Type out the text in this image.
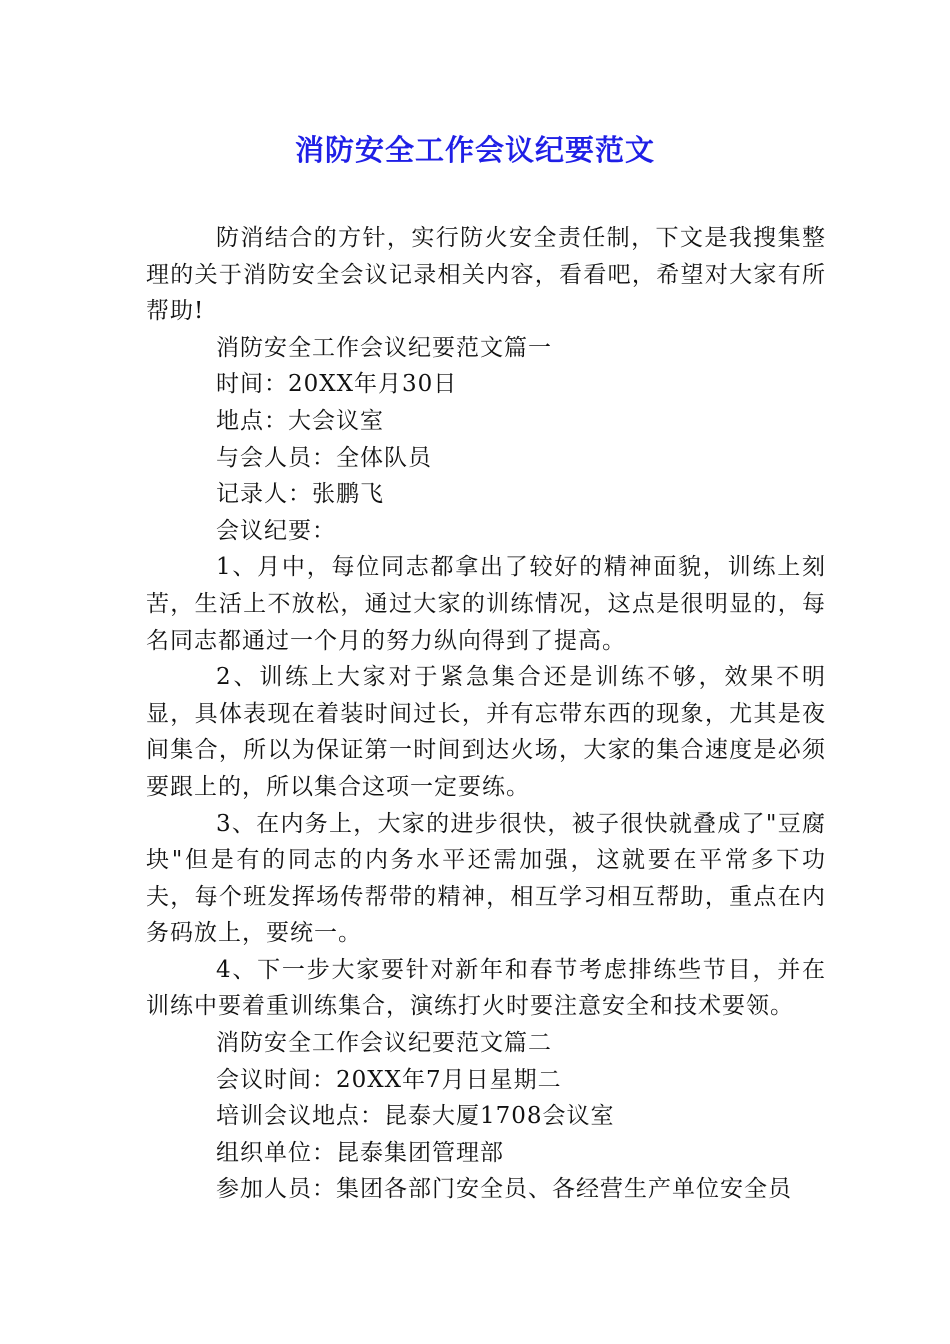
消防安全工作会议纪要范文

防消结合的方针，实行防火安全责任制，下文是我搜集整理的关于消防安全会议记录相关内容，看看吧，希望对大家有所帮助!

消防安全工作会议纪要范文篇一

时间：20XX年月30日

地点：大会议室

与会人员：全体队员

记录人：张鹏飞

会议纪要：

1、月中，每位同志都拿出了较好的精神面貌，训练上刻苦，生活上不放松，通过大家的训练情况，这点是很明显的，每名同志都通过一个月的努力纵向得到了提高。

2、训练上大家对于紧急集合还是训练不够，效果不明显，具体表现在着装时间过长，并有忘带东西的现象，尤其是夜间集合，所以为保证第一时间到达火场，大家的集合速度是必须要跟上的，所以集合这项一定要练。

3、在内务上，大家的进步很快，被子很快就叠成了"豆腐块"但是有的同志的内务水平还需加强，这就要在平常多下功夫，每个班发挥场传帮带的精神，相互学习相互帮助，重点在内务码放上，要统一。

4、下一步大家要针对新年和春节考虑排练些节目，并在训练中要着重训练集合，演练打火时要注意安全和技术要领。

消防安全工作会议纪要范文篇二

会议时间：20XX年7月日星期二

培训会议地点：昆泰大厦1708会议室

组织单位：昆泰集团管理部

参加人员：集团各部门安全员、各经营生产单位安全员
